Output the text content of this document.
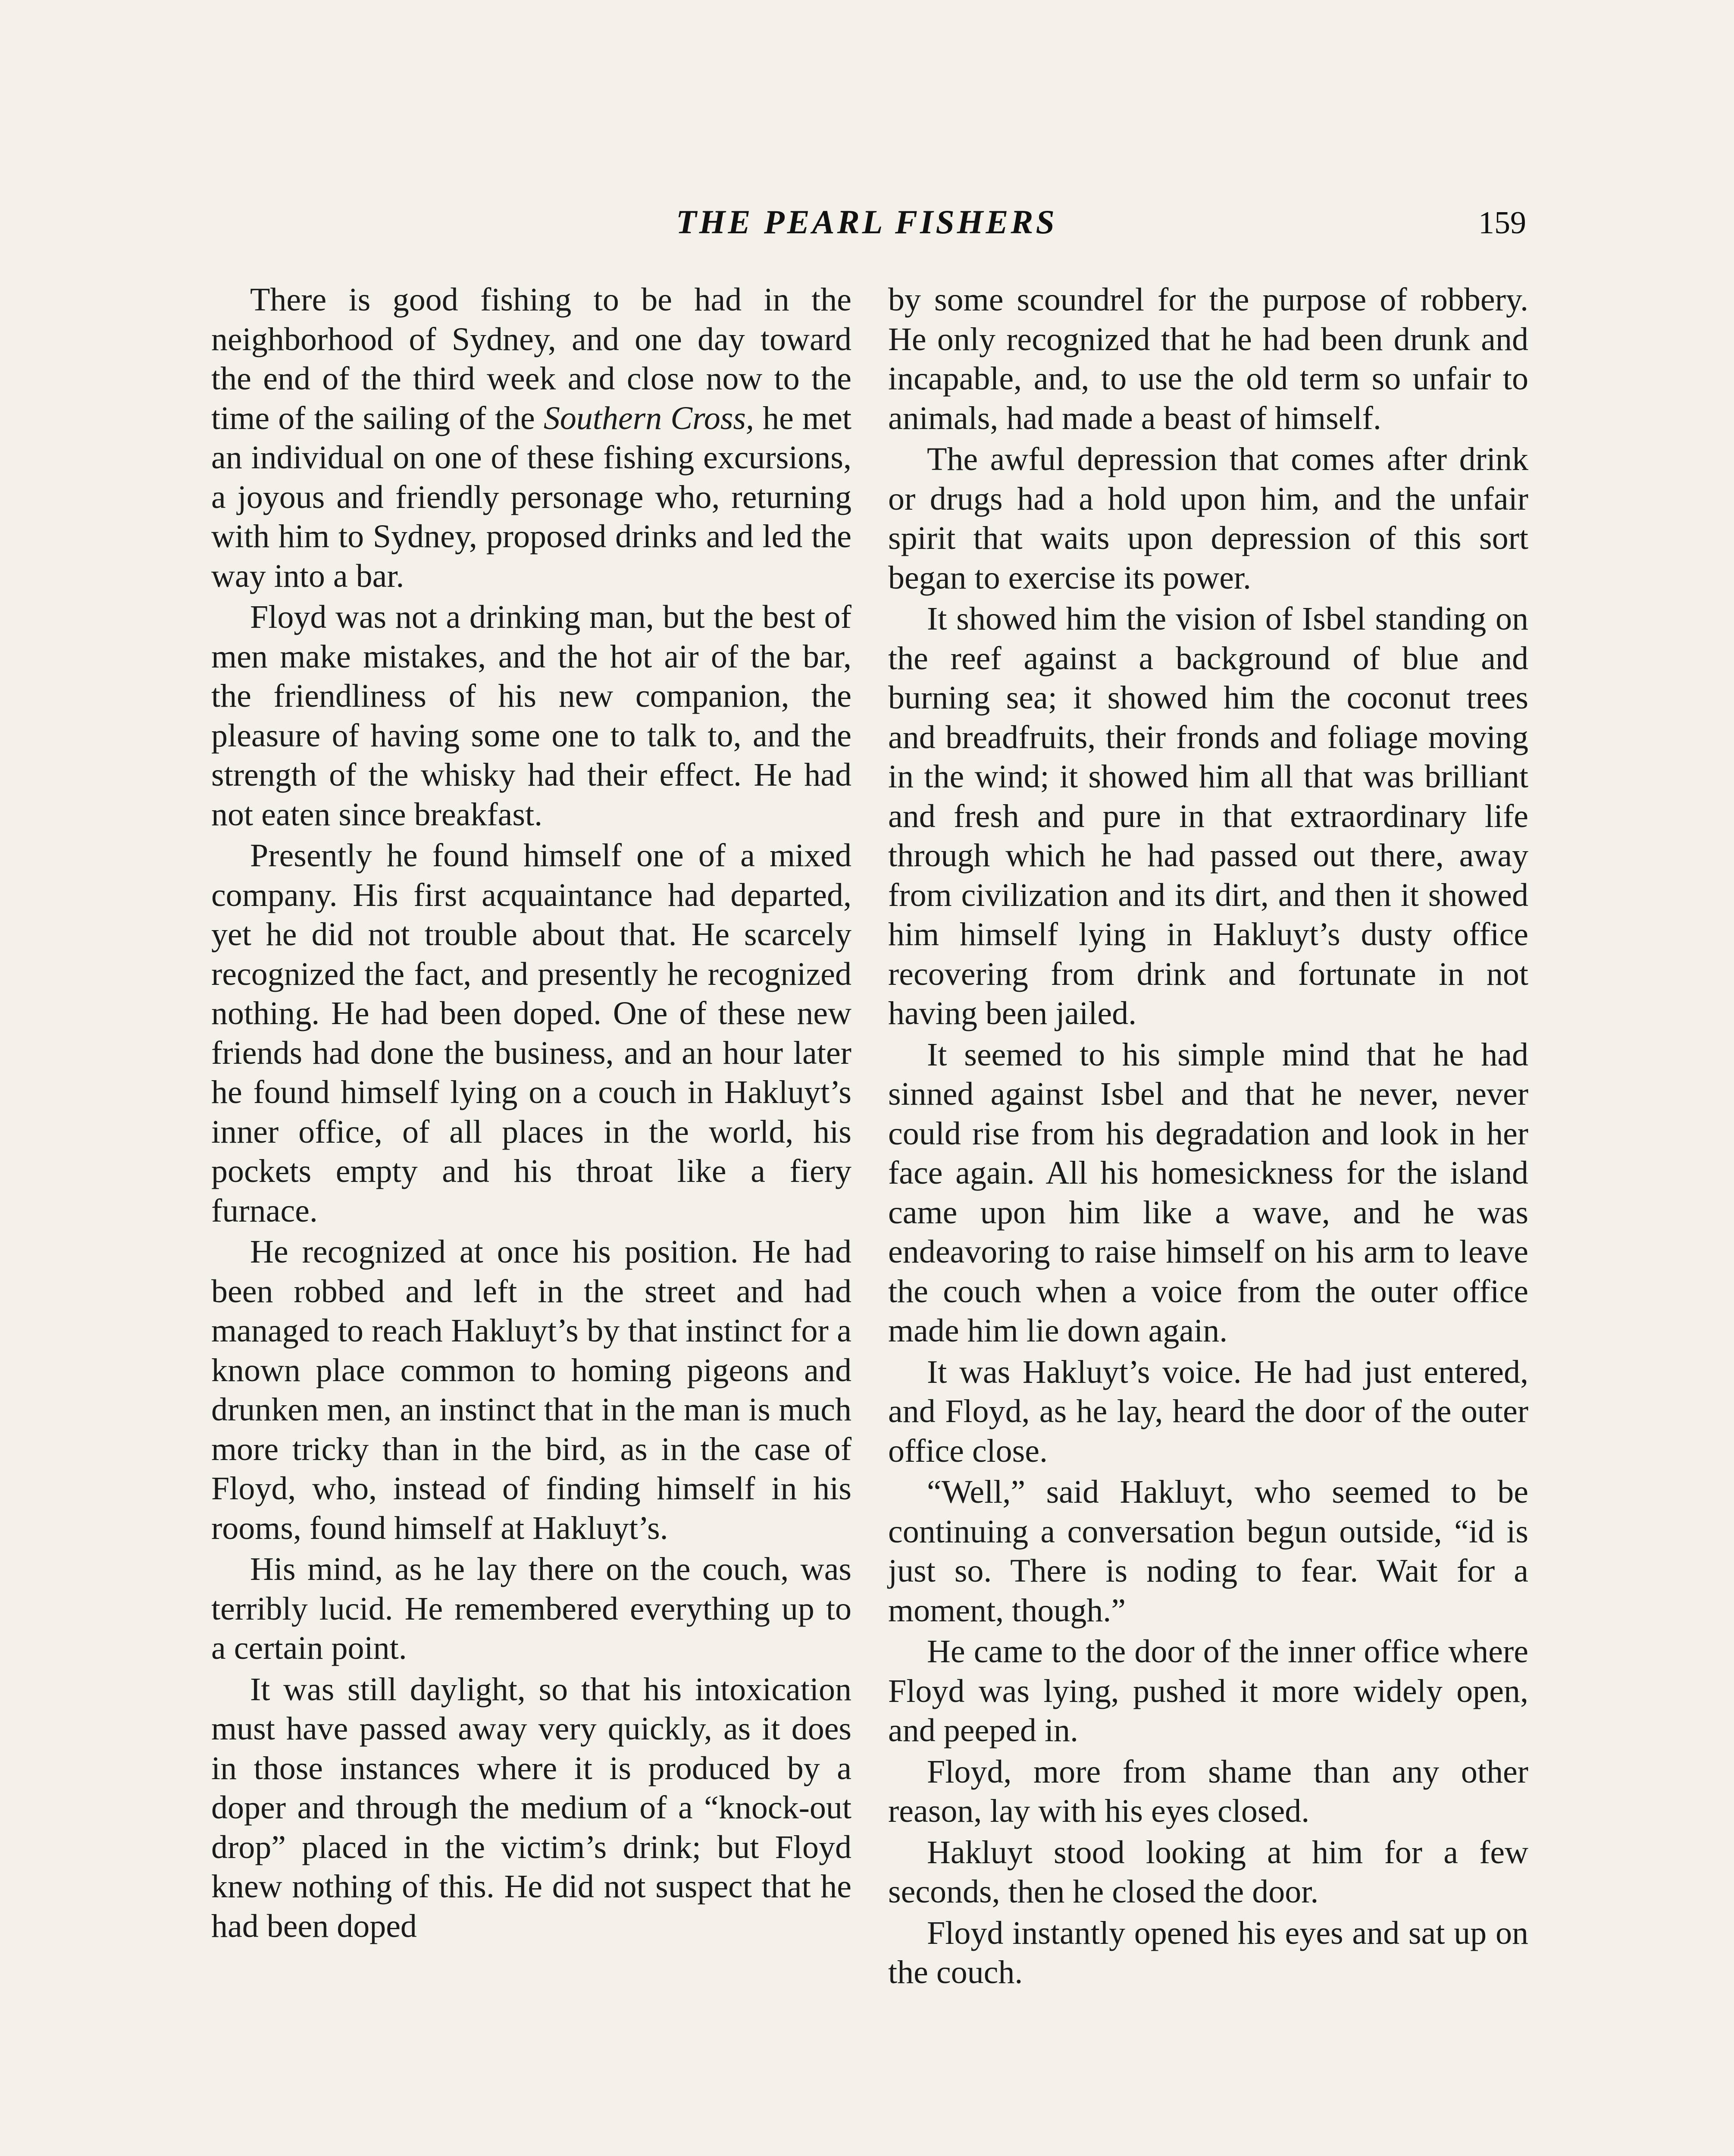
THE PEARL FISHERS	159

There is good fishing to be had in the neighborhood of Sydney, and one day toward the end of the third week and close now to the time of the sailing of the Southern Cross, he met an individual on one of these fishing excursions, a joyous and friendly personage who, returning with him to Sydney, proposed drinks and led the way into a bar.

Floyd was not a drinking man, but the best of men make mistakes, and the hot air of the bar, the friendliness of his new companion, the pleasure of having some one to talk to, and the strength of the whisky had their effect. He had not eaten since breakfast.

Presently he found himself one of a mixed company. His first acquaintance had departed, yet he did not trouble about that. He scarcely recognized the fact, and presently he recognized nothing. He had been doped. One of these new friends had done the business, and an hour later he found himself lying on a couch in Hakluyt’s inner office, of all places in the world, his pockets empty and his throat like a fiery furnace.

He recognized at once his position. He had been robbed and left in the street and had managed to reach Hakluyt’s by that instinct for a known place common to homing pigeons and drunken men, an instinct that in the man is much more tricky than in the bird, as in the case of Floyd, who, instead of finding himself in his rooms, found himself at Hakluyt’s.

His mind, as he lay there on the couch, was terribly lucid. He remembered everything up to a certain point.

It was still daylight, so that his intoxication must have passed away very quickly, as it does in those instances where it is produced by a doper and through the medium of a “knock-out drop” placed in the victim’s drink; but Floyd knew nothing of this. He did not suspect that he had been doped

by some scoundrel for the purpose of robbery. He only recognized that he had been drunk and incapable, and, to use the old term so unfair to animals, had made a beast of himself.

The awful depression that comes after drink or drugs had a hold upon him, and the unfair spirit that waits upon depression of this sort began to exercise its power.

It showed him the vision of Isbel standing on the reef against a background of blue and burning sea; it showed him the coconut trees and breadfruits, their fronds and foliage moving in the wind; it showed him all that was brilliant and fresh and pure in that extraordinary life through which he had passed out there, away from civilization and its dirt, and then it showed him himself lying in Hakluyt’s dusty office recovering from drink and fortunate in not having been jailed.

It seemed to his simple mind that he had sinned against Isbel and that he never, never could rise from his degradation and look in her face again. All his homesickness for the island came upon him like a wave, and he was endeavoring to raise himself on his arm to leave the couch when a voice from the outer office made him lie down again.

It was Hakluyt’s voice. He had just entered, and Floyd, as he lay, heard the door of the outer office close.

“Well,” said Hakluyt, who seemed to be continuing a conversation begun outside, “id is just so. There is noding to fear. Wait for a moment, though.”

He came to the door of the inner office where Floyd was lying, pushed it more widely open, and peeped in.

Floyd, more from shame than any other reason, lay with his eyes closed.

Hakluyt stood looking at him for a few seconds, then he closed the door.

Floyd instantly opened his eyes and sat up on the couch.
